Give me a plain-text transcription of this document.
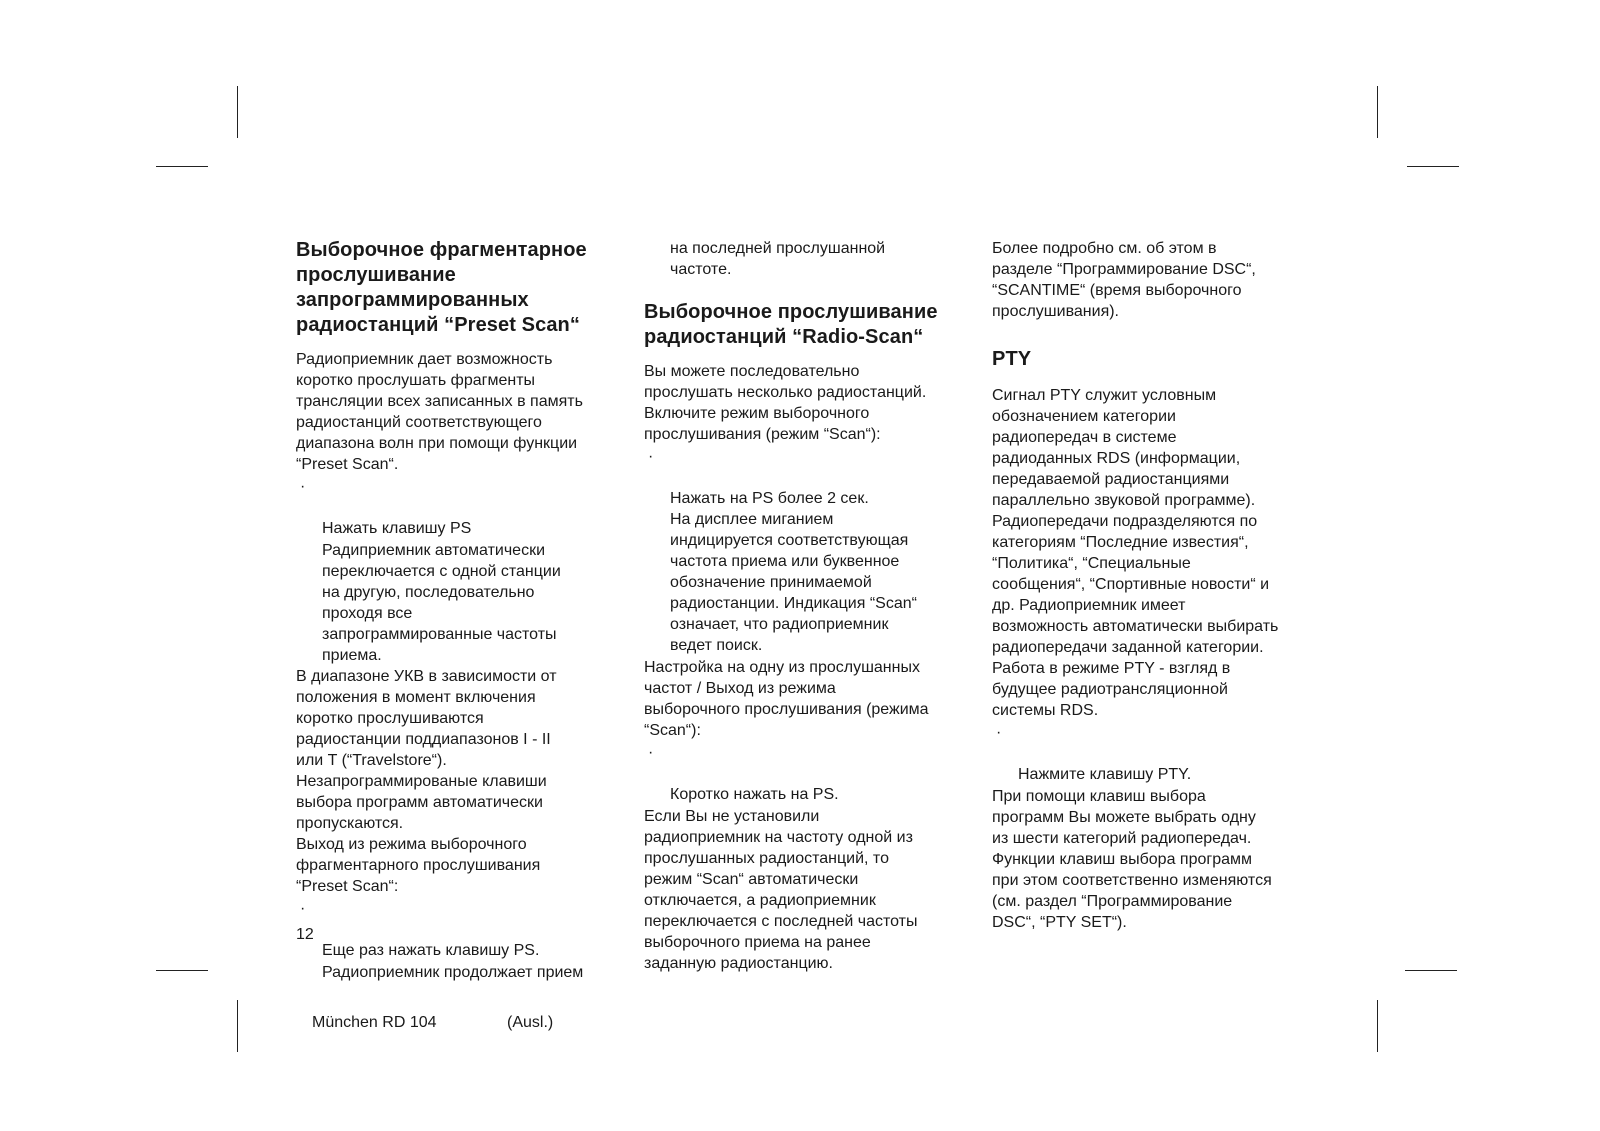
Выборочное фрагментарное
прослушивание
запрограммированных
радиостанций “Preset Scan“

Радиоприемник дает возможность
коротко прослушать фрагменты
трансляции всех записанных в память
радиостанций соответствующего
диапазона волн при помощи функции
“Preset Scan“.

·

Нажать клавишу PS

Радиприемник автоматически
переключается с одной станции
на другую, последовательно
проходя все
запрограммированные частоты
приема.

В диапазоне УКВ в зависимости от
положения в момент включения
коротко прослушиваются
радиостанции поддиапазонов I - II
или T (“Travelstore“).
Незапрограммированые клавиши
выбора программ автоматически
пропускаются.
Выход из режима выборочного
фрагментарного прослушивания
“Preset Scan“:

·

Еще раз нажать клавишу PS.

Радиоприемник продолжает прием
на последней прослушанной
частоте.
Выборочное прослушивание
радиостанций “Radio-Scan“

Вы можете последовательно
прослушать несколько радиостанций.
Включите режим выборочного
прослушивания (режим “Scan“):

·

Нажать на PS более 2 сек.
На дисплее миганием
индицируется соответствующая
частота приема или буквенное
обозначение принимаемой
радиостанции. Индикация “Scan“
означает, что радиоприемник
ведет поиск.

Настройка на одну из прослушанных
частот / Выход из режима
выборочного прослушивания (режима
“Scan“):

·

Коротко нажать на PS.

Если Вы не установили
радиоприемник на частоту одной из
прослушанных радиостанций, то
режим “Scan“ автоматически
отключается, а радиоприемник
переключается с последней частоты
выборочного приема на ранее
заданную радиостанцию.

Более подробно см. об этом в
разделе “Программирование DSC“,
“SCANTIME“ (время выборочного
прослушивания).

PTY

Сигнал PTY служит условным
обозначением категории
радиопередач в системе
радиоданных RDS (информации,
передаваемой радиостанциями
параллельно звуковой программе).
Радиопередачи подразделяются по
категориям “Последние известия“,
“Политика“, “Специальные
сообщения“, “Спортивные новости“ и
др. Радиоприемник имеет
возможность автоматически выбирать
радиопередачи заданной категории.
Работа в режиме PTY - взгляд в
будущее радиотрансляционной
системы RDS.

·

Нажмите клавишу PTY.

При помощи клавиш выбора
программ Вы можете выбрать одну
из шести категорий радиопередач.
Функции клавиш выбора программ
при этом соответственно изменяются
(см. раздел “Программирование
DSC“, “PTY SET“).

12
München RD 104	(Ausl.)
